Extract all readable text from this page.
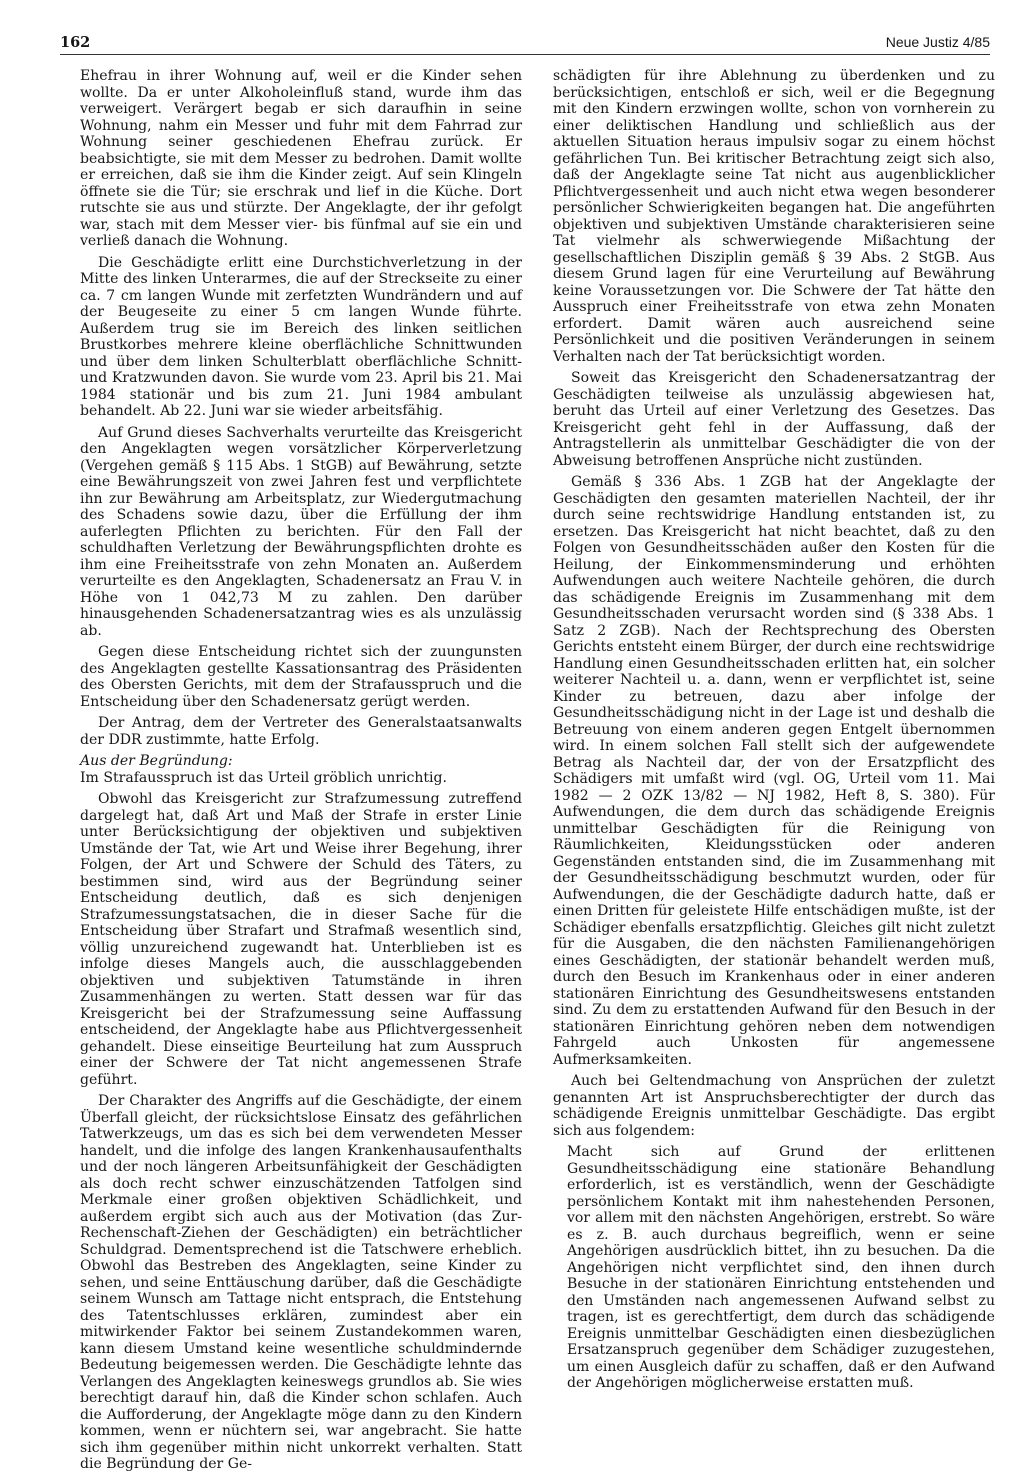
162	Neue Justiz 4/85

Ehefrau in ihrer Wohnung auf, weil er die Kinder sehen wollte. Da er unter Alkoholeinfluß stand, wurde ihm das verweigert. Verärgert begab er sich daraufhin in seine Wohnung, nahm ein Messer und fuhr mit dem Fahrrad zur Wohnung seiner geschiedenen Ehefrau zurück. Er beabsichtigte, sie mit dem Messer zu bedrohen. Damit wollte er erreichen, daß sie ihm die Kinder zeigt. Auf sein Klingeln öffnete sie die Tür; sie erschrak und lief in die Küche. Dort rutschte sie aus und stürzte. Der Angeklagte, der ihr gefolgt war, stach mit dem Messer vier- bis fünfmal auf sie ein und verließ danach die Wohnung.

Die Geschädigte erlitt eine Durchstichverletzung in der Mitte des linken Unterarmes, die auf der Streckseite zu einer ca. 7 cm langen Wunde mit zerfetzten Wundrändern und auf der Beugeseite zu einer 5 cm langen Wunde führte. Außerdem trug sie im Bereich des linken seitlichen Brustkorbes mehrere kleine oberflächliche Schnittwunden und über dem linken Schulterblatt oberflächliche Schnitt- und Kratzwunden davon. Sie wurde vom 23. April bis 21. Mai 1984 stationär und bis zum 21. Juni 1984 ambulant behandelt. Ab 22. Juni war sie wieder arbeitsfähig.

Auf Grund dieses Sachverhalts verurteilte das Kreisgericht den Angeklagten wegen vorsätzlicher Körperverletzung (Vergehen gemäß § 115 Abs. 1 StGB) auf Bewährung, setzte eine Bewährungszeit von zwei Jahren fest und verpflichtete ihn zur Bewährung am Arbeitsplatz, zur Wiedergutmachung des Schadens sowie dazu, über die Erfüllung der ihm auferlegten Pflichten zu berichten. Für den Fall der schuldhaften Verletzung der Bewährungspflichten drohte es ihm eine Freiheitsstrafe von zehn Monaten an. Außerdem verurteilte es den Angeklagten, Schadenersatz an Frau V. in Höhe von 1 042,73 M zu zahlen. Den darüber hinausgehenden Schadenersatzantrag wies es als unzulässig ab.

Gegen diese Entscheidung richtet sich der zuungunsten des Angeklagten gestellte Kassationsantrag des Präsidenten des Obersten Gerichts, mit dem der Strafausspruch und die Entscheidung über den Schadenersatz gerügt werden.

Der Antrag, dem der Vertreter des Generalstaatsanwalts der DDR zustimmte, hatte Erfolg.

Aus der Begründung:

Im Strafausspruch ist das Urteil gröblich unrichtig.

Obwohl das Kreisgericht zur Strafzumessung zutreffend dargelegt hat, daß Art und Maß der Strafe in erster Linie unter Berücksichtigung der objektiven und subjektiven Umstände der Tat, wie Art und Weise ihrer Begehung, ihrer Folgen, der Art und Schwere der Schuld des Täters, zu bestimmen sind, wird aus der Begründung seiner Entscheidung deutlich, daß es sich denjenigen Strafzumessungstatsachen, die in dieser Sache für die Entscheidung über Strafart und Strafmaß wesentlich sind, völlig unzureichend zugewandt hat. Unterblieben ist es infolge dieses Mangels auch, die ausschlaggebenden objektiven und subjektiven Tatumstände in ihren Zusammenhängen zu werten. Statt dessen war für das Kreisgericht bei der Strafzumessung seine Auffassung entscheidend, der Angeklagte habe aus Pflichtvergessenheit gehandelt. Diese einseitige Beurteilung hat zum Ausspruch einer der Schwere der Tat nicht angemessenen Strafe geführt.

Der Charakter des Angriffs auf die Geschädigte, der einem Überfall gleicht, der rücksichtslose Einsatz des gefährlichen Tatwerkzeugs, um das es sich bei dem verwendeten Messer handelt, und die infolge des langen Krankenhausaufenthalts und der noch längeren Arbeitsunfähigkeit der Geschädigten als doch recht schwer einzuschätzenden Tatfolgen sind Merkmale einer großen objektiven Schädlichkeit, und außerdem ergibt sich auch aus der Motivation (das Zur-Rechenschaft-Ziehen der Geschädigten) ein beträchtlicher Schuldgrad. Dementsprechend ist die Tatschwere erheblich. Obwohl das Bestreben des Angeklagten, seine Kinder zu sehen, und seine Enttäuschung darüber, daß die Geschädigte seinem Wunsch am Tattage nicht entsprach, die Entstehung des Tatentschlusses erklären, zumindest aber ein mitwirkender Faktor bei seinem Zustandekommen waren, kann diesem Umstand keine wesentliche schuldmindernde Bedeutung beigemessen werden. Die Geschädigte lehnte das Verlangen des Angeklagten keineswegs grundlos ab. Sie wies berechtigt darauf hin, daß die Kinder schon schlafen. Auch die Aufforderung, der Angeklagte möge dann zu den Kindern kommen, wenn er nüchtern sei, war angebracht. Sie hatte sich ihm gegenüber mithin nicht unkorrekt verhalten. Statt die Begründung der Ge-

schädigten für ihre Ablehnung zu überdenken und zu berücksichtigen, entschloß er sich, weil er die Begegnung mit den Kindern erzwingen wollte, schon von vornherein zu einer deliktischen Handlung und schließlich aus der aktuellen Situation heraus impulsiv sogar zu einem höchst gefährlichen Tun. Bei kritischer Betrachtung zeigt sich also, daß der Angeklagte seine Tat nicht aus augenblicklicher Pflichtvergessenheit und auch nicht etwa wegen besonderer persönlicher Schwierigkeiten begangen hat. Die angeführten objektiven und subjektiven Umstände charakterisieren seine Tat vielmehr als schwerwiegende Mißachtung der gesellschaftlichen Disziplin gemäß § 39 Abs. 2 StGB. Aus diesem Grund lagen für eine Verurteilung auf Bewährung keine Voraussetzungen vor. Die Schwere der Tat hätte den Ausspruch einer Freiheitsstrafe von etwa zehn Monaten erfordert. Damit wären auch ausreichend seine Persönlichkeit und die positiven Veränderungen in seinem Verhalten nach der Tat berücksichtigt worden.

Soweit das Kreisgericht den Schadenersatzantrag der Geschädigten teilweise als unzulässig abgewiesen hat, beruht das Urteil auf einer Verletzung des Gesetzes. Das Kreisgericht geht fehl in der Auffassung, daß der Antragstellerin als unmittelbar Geschädigter die von der Abweisung betroffenen Ansprüche nicht zustünden.

Gemäß § 336 Abs. 1 ZGB hat der Angeklagte der Geschädigten den gesamten materiellen Nachteil, der ihr durch seine rechtswidrige Handlung entstanden ist, zu ersetzen. Das Kreisgericht hat nicht beachtet, daß zu den Folgen von Gesundheitsschäden außer den Kosten für die Heilung, der Einkommensminderung und erhöhten Aufwendungen auch weitere Nachteile gehören, die durch das schädigende Ereignis im Zusammenhang mit dem Gesundheitsschaden verursacht worden sind (§ 338 Abs. 1 Satz 2 ZGB). Nach der Rechtsprechung des Obersten Gerichts entsteht einem Bürger, der durch eine rechtswidrige Handlung einen Gesundheitsschaden erlitten hat, ein solcher weiterer Nachteil u. a. dann, wenn er verpflichtet ist, seine Kinder zu betreuen, dazu aber infolge der Gesundheitsschädigung nicht in der Lage ist und deshalb die Betreuung von einem anderen gegen Entgelt übernommen wird. In einem solchen Fall stellt sich der aufgewendete Betrag als Nachteil dar, der von der Ersatzpflicht des Schädigers mit umfaßt wird (vgl. OG, Urteil vom 11. Mai 1982 — 2 OZK 13/82 — NJ 1982, Heft 8, S. 380). Für Aufwendungen, die dem durch das schädigende Ereignis unmittelbar Geschädigten für die Reinigung von Räumlichkeiten, Kleidungsstücken oder anderen Gegenständen entstanden sind, die im Zusammenhang mit der Gesundheitsschädigung beschmutzt wurden, oder für Aufwendungen, die der Geschädigte dadurch hatte, daß er einen Dritten für geleistete Hilfe entschädigen mußte, ist der Schädiger ebenfalls ersatzpflichtig. Gleiches gilt nicht zuletzt für die Ausgaben, die den nächsten Familienangehörigen eines Geschädigten, der stationär behandelt werden muß, durch den Besuch im Krankenhaus oder in einer anderen stationären Einrichtung des Gesundheitswesens entstanden sind. Zu dem zu erstattenden Aufwand für den Besuch in der stationären Einrichtung gehören neben dem notwendigen Fahrgeld auch Unkosten für angemessene Aufmerksamkeiten.

Auch bei Geltendmachung von Ansprüchen der zuletzt genannten Art ist Anspruchsberechtigter der durch das schädigende Ereignis unmittelbar Geschädigte. Das ergibt sich aus folgendem:

Macht sich auf Grund der erlittenen Gesundheitsschädigung eine stationäre Behandlung erforderlich, ist es verständlich, wenn der Geschädigte persönlichem Kontakt mit ihm nahestehenden Personen, vor allem mit den nächsten Angehörigen, erstrebt. So wäre es z. B. auch durchaus begreiflich, wenn er seine Angehörigen ausdrücklich bittet, ihn zu besuchen. Da die Angehörigen nicht verpflichtet sind, den ihnen durch Besuche in der stationären Einrichtung entstehenden und den Umständen nach angemessenen Aufwand selbst zu tragen, ist es gerechtfertigt, dem durch das schädigende Ereignis unmittelbar Geschädigten einen diesbezüglichen Ersatzanspruch gegenüber dem Schädiger zuzugestehen, um einen Ausgleich dafür zu schaffen, daß er den Aufwand der Angehörigen möglicherweise erstatten muß.
